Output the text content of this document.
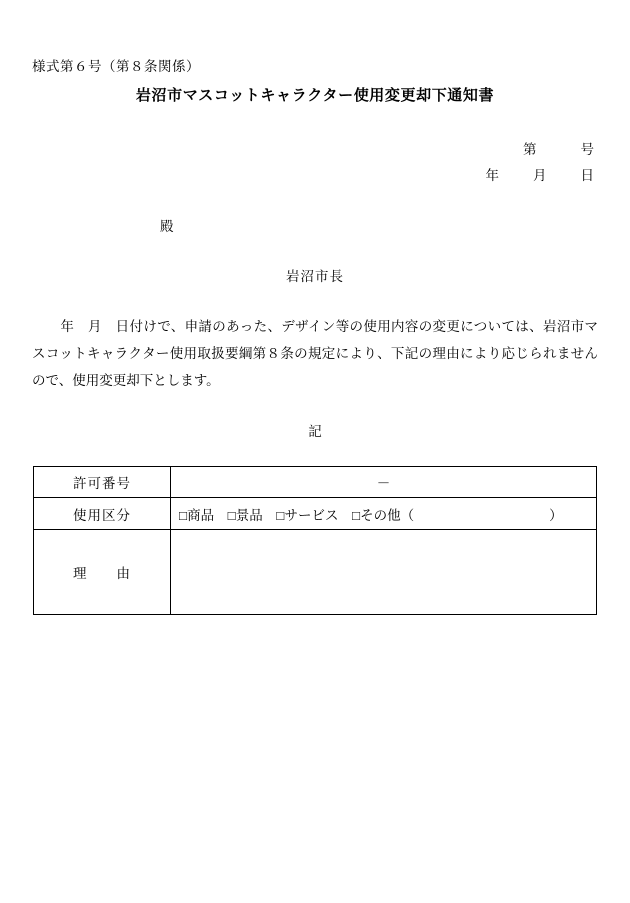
様式第６号（第８条関係）
岩沼市マスコットキャラクター使用変更却下通知書
第	号
年	月	日
殿
岩沼市長
年　月　日付けで、申請のあった、デザイン等の使用内容の変更については、岩沼市マスコットキャラクター使用取扱要綱第８条の規定により、下記の理由により応じられませんので、使用変更却下とします。
記
許可番号	－
使用区分	□商品　□景品　□サービス　□その他（　　　　　　　　　　）
理　　由	
